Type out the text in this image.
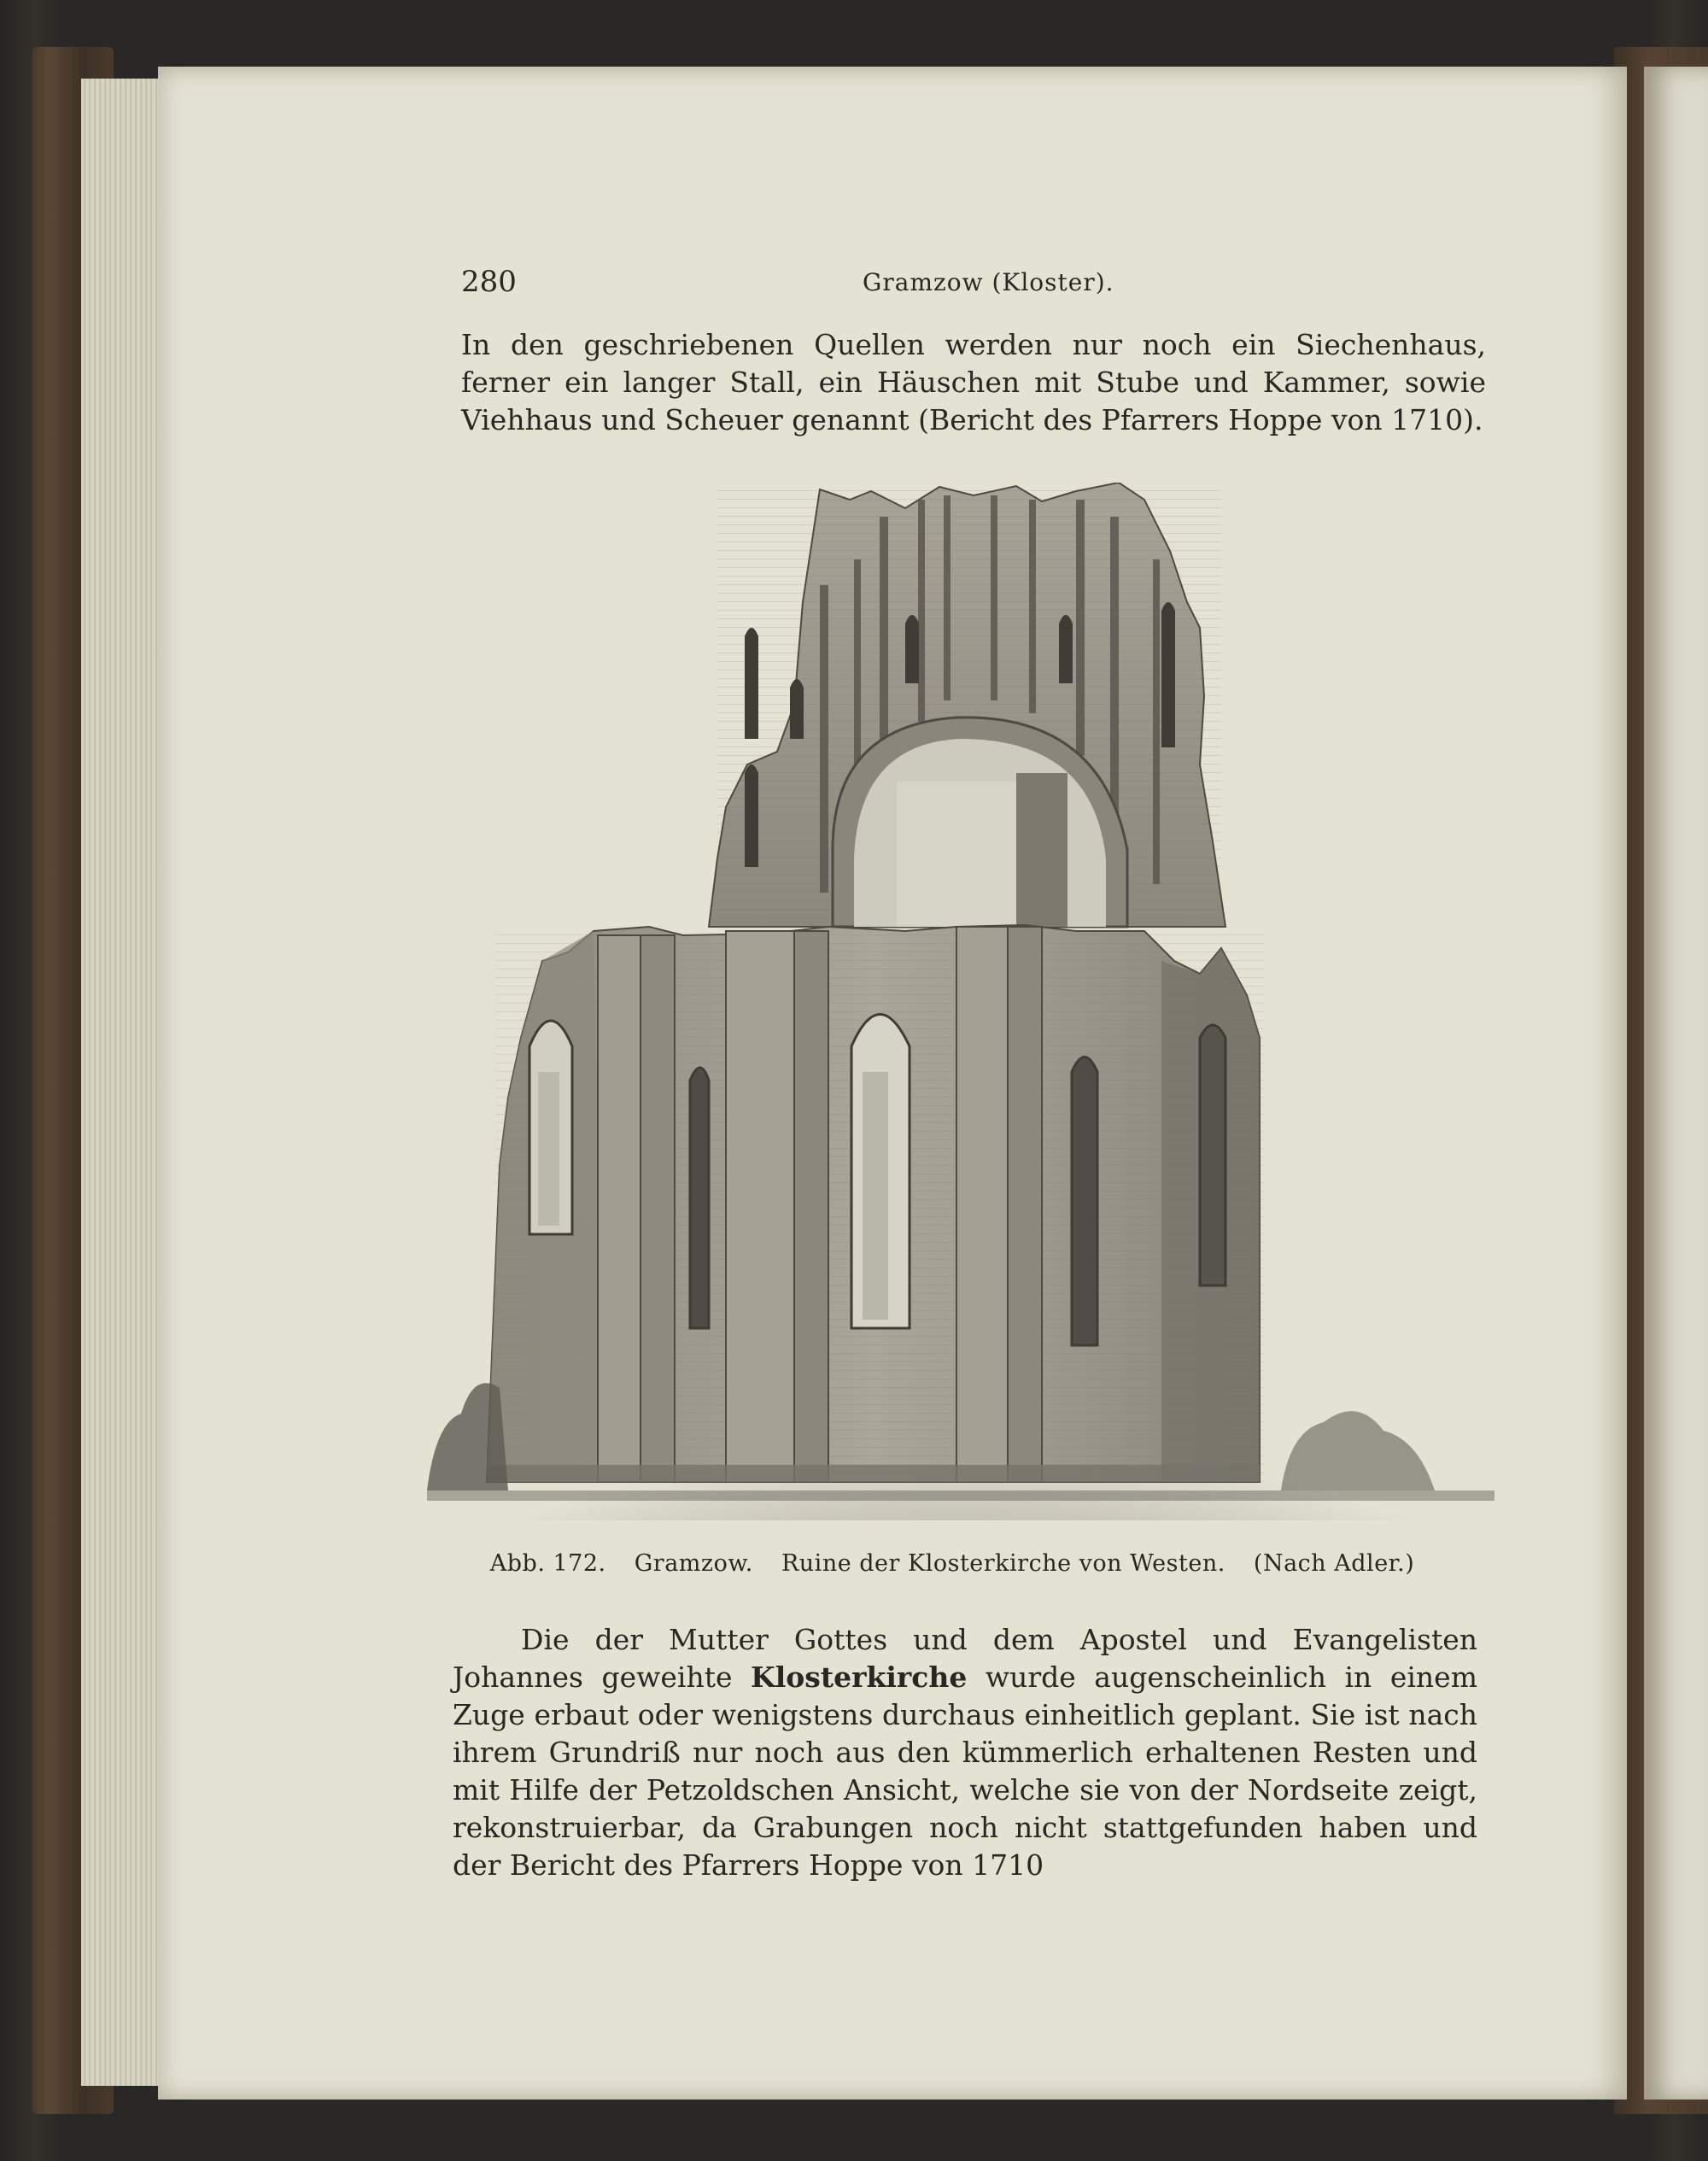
280	Gramzow (Kloster).
In den geschriebenen Quellen werden nur noch ein Siechenhaus, ferner ein langer Stall, ein Häuschen mit Stube und Kammer, sowie Viehhaus und Scheuer genannt (Bericht des Pfarrers Hoppe von 1710).
Abb. 172. Gramzow. Ruine der Klosterkirche von Westen. (Nach Adler.)
Die der Mutter Gottes und dem Apostel und Evangelisten Johannes geweihte Klosterkirche wurde augenscheinlich in einem Zuge erbaut oder wenigstens durchaus einheitlich geplant. Sie ist nach ihrem Grundriß nur noch aus den kümmerlich erhaltenen Resten und mit Hilfe der Petzoldschen Ansicht, welche sie von der Nordseite zeigt, rekonstruierbar, da Grabungen noch nicht stattgefunden haben und der Bericht des Pfarrers Hoppe von 1710
